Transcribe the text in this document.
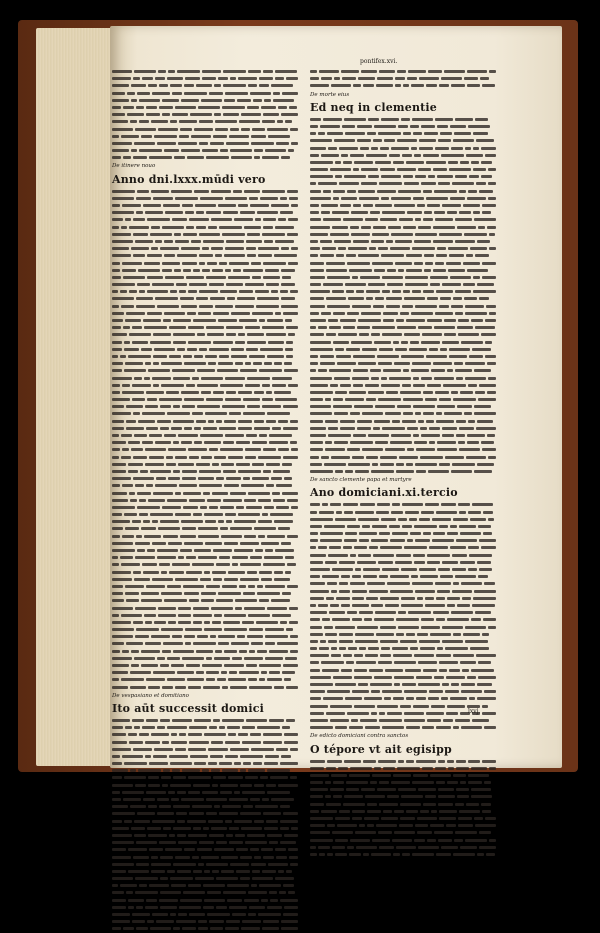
pontifex.xvi.
De itinere nouo
Anno dni.lxxx.mūdi vero
De vespasiano et domitiano
Ito aūt successit domici
De morte eius
Ed neq in clementie
De sancto clemente papa et martyre
Ano domiciani.xi.tercio
De edicto domiciani contra sanctos
O tépore vt ait egisipp
lxvj.
